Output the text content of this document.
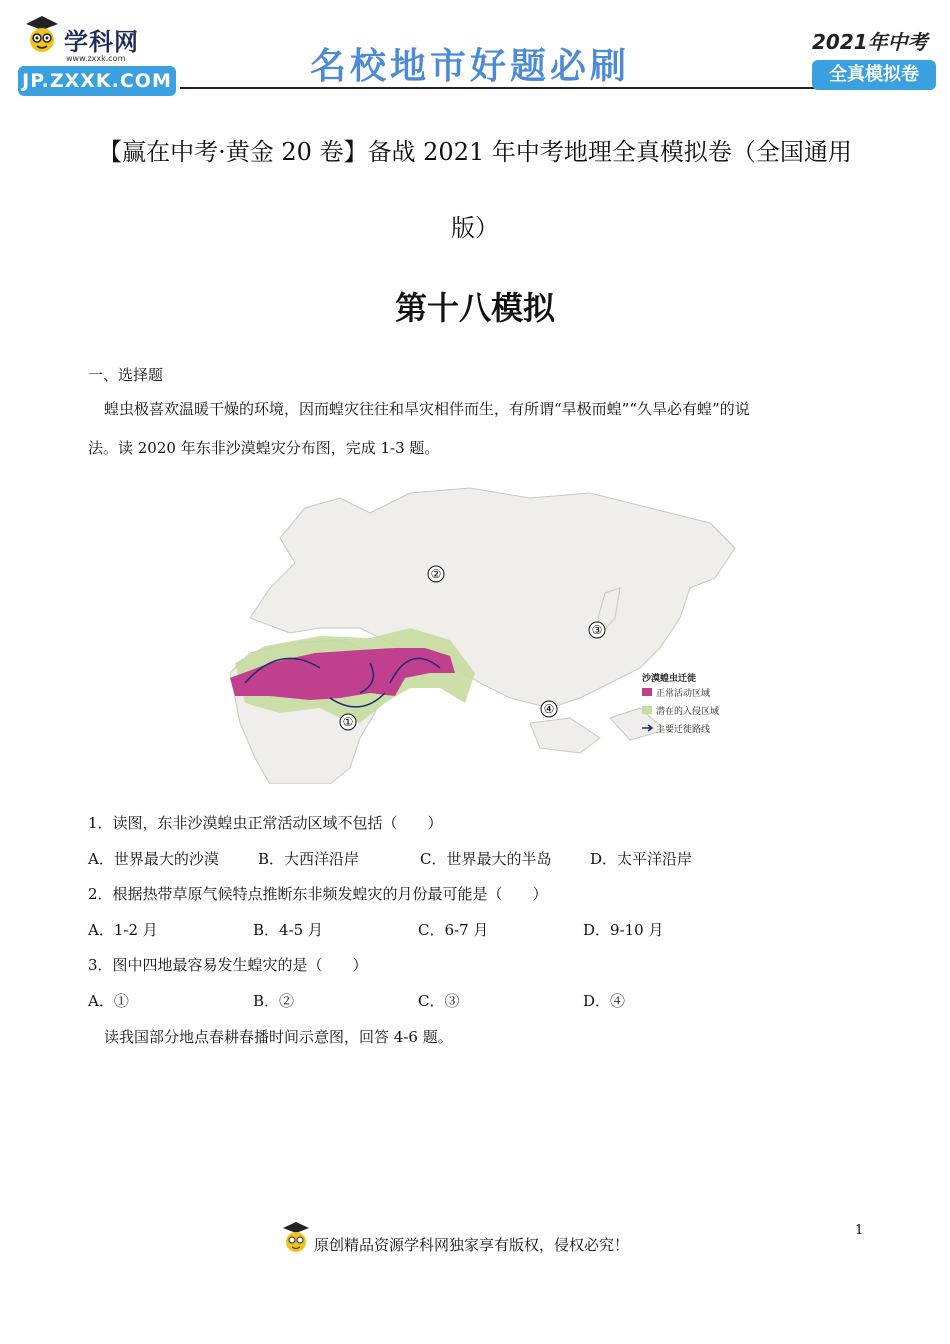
学科网
www.zxxk.com
JP.ZXXK.COM	名校地市好题必刷
2021年中考
全真模拟卷
【赢在中考·黄金 20 卷】备战 2021 年中考地理全真模拟卷（全国通用
版）
第十八模拟
一、选择题
蝗虫极喜欢温暖干燥的环境，因而蝗灾往往和旱灾相伴而生，有所谓“旱极而蝗”“久旱必有蝗”的说
法。读 2020 年东非沙漠蝗灾分布图，完成 1-3 题。
①
②
③
④
沙漠蝗虫迁徙
正常活动区域
潜在的入侵区域
主要迁徙路线
1．读图，东非沙漠蝗虫正常活动区域不包括（　　）
A．世界最大的沙漠	B．大西洋沿岸	C．世界最大的半岛	D．太平洋沿岸
2．根据热带草原气候特点推断东非频发蝗灾的月份最可能是（　　）
A．1-2 月	B．4-5 月	C．6-7 月	D．9-10 月
3．图中四地最容易发生蝗灾的是（　　）
A．①	B．②	C．③	D．④
读我国部分地点春耕春播时间示意图，回答 4-6 题。
原创精品资源学科网独家享有版权，侵权必究！
1
